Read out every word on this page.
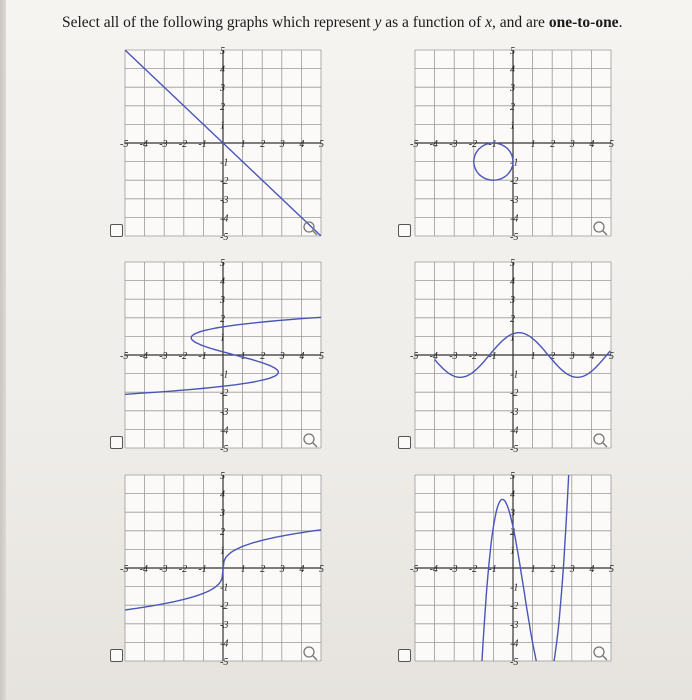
Select all of the following graphs which represent y as a function of x, and are one-to-one.
-5 -4 -3 -2 -1	1 2 3 4 5
5
4
3
2
1
-1
-2
-3
-4
-5
-5 -4 -3 -2 -1	1 2 3 4 5
5
4
3
2
1
-1
-2
-3
-4
-5
-5 -4 -3 -2 -1	1 2 3 4 5
5
4
3
2
1
-1
-2
-3
-4
-5
-5 -4 -3 -2 -1	1 2 3 4 5
5
4
3
2
1
-1
-2
-3
-4
-5
-5 -4 -3 -2 -1	1 2 3 4 5
5
4
3
2
1
-1
-2
-3
-4
-5
-5 -4 -3 -2 -1	1 2 3 4 5
5
4
3
2
1
-1
-2
-3
-4
-5
